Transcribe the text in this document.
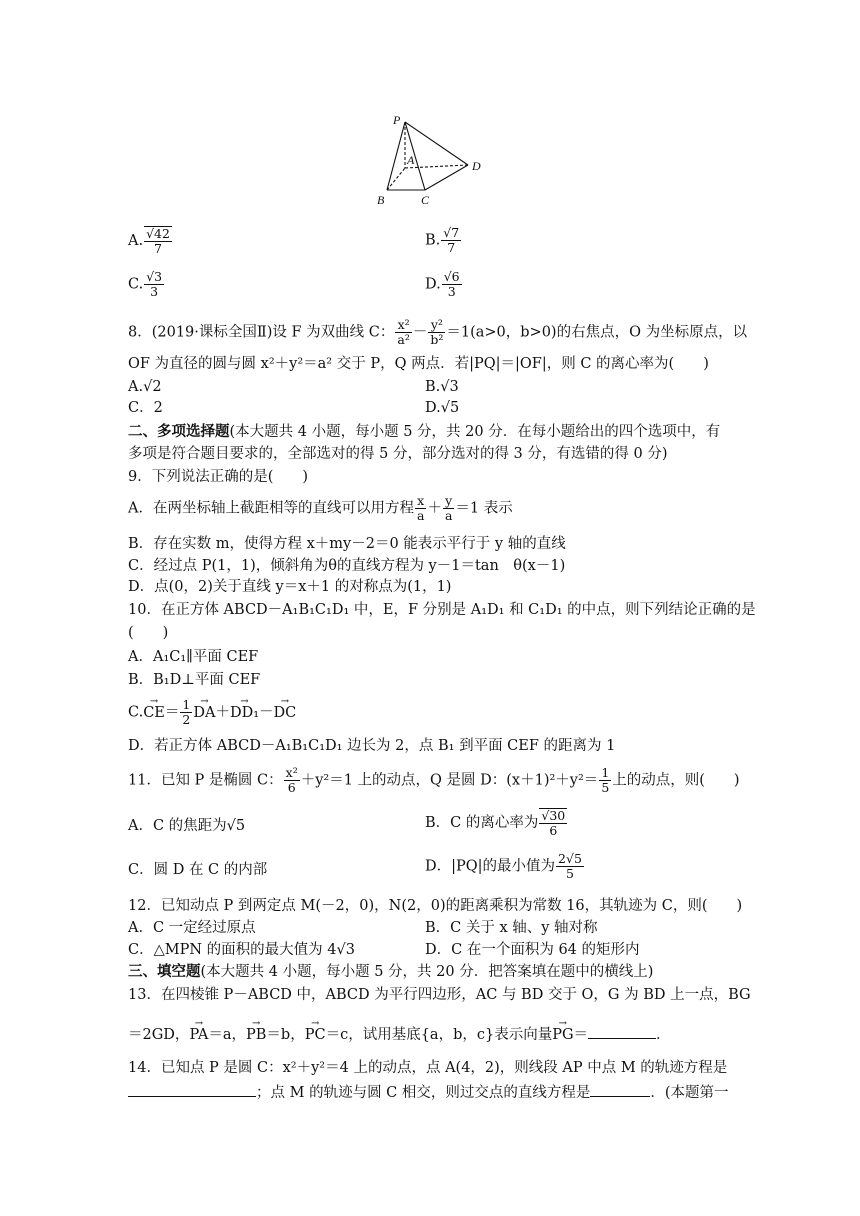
P
A
B	C
D
A. $\frac{√42}{7}$	B. $\frac{√7}{7}$
C. $\frac{√3}{3}$	D. $\frac{√6}{3}$
8．(2019·课标全国Ⅱ)设 F 为双曲线 C： $\frac{\text{x²}}{\text{a²}} - \frac{\text{y²}}{\text{b²}} =1(a>0$，b>0)的右焦点，O 为坐标原点，以
OF 为直径的圆与圆 x²＋y²＝a² 交于 P，Q 两点．若|PQ|＝|OF|，则 C 的离心率为(　　)
A.√2	B.√3
C．2	D.√5
二、多项选择题(本大题共 4 小题，每小题 5 分，共 20 分．在每小题给出的四个选项中，有
多项是符合题目要求的，全部选对的得 5 分，部分选对的得 3 分，有选错的得 0 分)
9．下列说法正确的是(　　)
A．在两坐标轴上截距相等的直线可以用方程 $\frac{x}{a} + \frac{y}{a} =1$ 表示
B．存在实数 m，使得方程 x＋my－2＝0 能表示平行于 y 轴的直线
C．经过点 P(1，1)，倾斜角为θ的直线方程为 y－1＝tan　θ(x－1)
D．点(0，2)关于直线 y＝x＋1 的对称点为(1，1)
10．在正方体 ABCD－A₁B₁C₁D₁ 中，E，F 分别是 A₁D₁ 和 C₁D₁ 的中点，则下列结论正确的是
(　　)
A．A₁C₁∥平面 CEF
B．B₁D⊥平面 CEF
$C.\to CE= \frac{1}{2}$
→ DA＋→ DD₁－→ DC
D．若正方体 ABCD－A₁B₁C₁D₁ 边长为 2，点 B₁ 到平面 CEF 的距离为 1
11．已知 P 是椭圆 C： $\frac{\text{x²}}{6} +y^2=1$ 上的动点，Q 是圆 D：$(x+1)^2+y^2= \frac{1}{5}$ 上的动点，则(　　)
A．C 的焦距为√5	B．C 的离心率为 $\frac{√30}{6}$
C．圆 D 在 C 的内部	D．|PQ|的最小值为 $\frac{2√5}{5}$
12．已知动点 P 到两定点 M(－2，0)，N(2，0)的距离乘积为常数 16，其轨迹为 C，则(　　)
A．C 一定经过原点	B．C 关于 x 轴、y 轴对称
C．△MPN 的面积的最大值为 4√3	D．C 在一个面积为 64 的矩形内
三、填空题(本大题共 4 小题，每小题 5 分，共 20 分．把答案填在题中的横线上)
13．在四棱锥 P－ABCD 中，ABCD 为平行四边形，AC 与 BD 交于 O，G 为 BD 上一点，BG
＝2GD，→ PA＝a，→ PB＝b，→ PC＝c，试用基底{a，b，c}表示向量→ PG＝	．
14．已知点 P 是圆 C：x²＋y²＝4 上的动点，点 A(4，2)，则线段 AP 中点 M 的轨迹方程是
；点 M 的轨迹与圆 C 相交，则过交点的直线方程是	．(本题第一
